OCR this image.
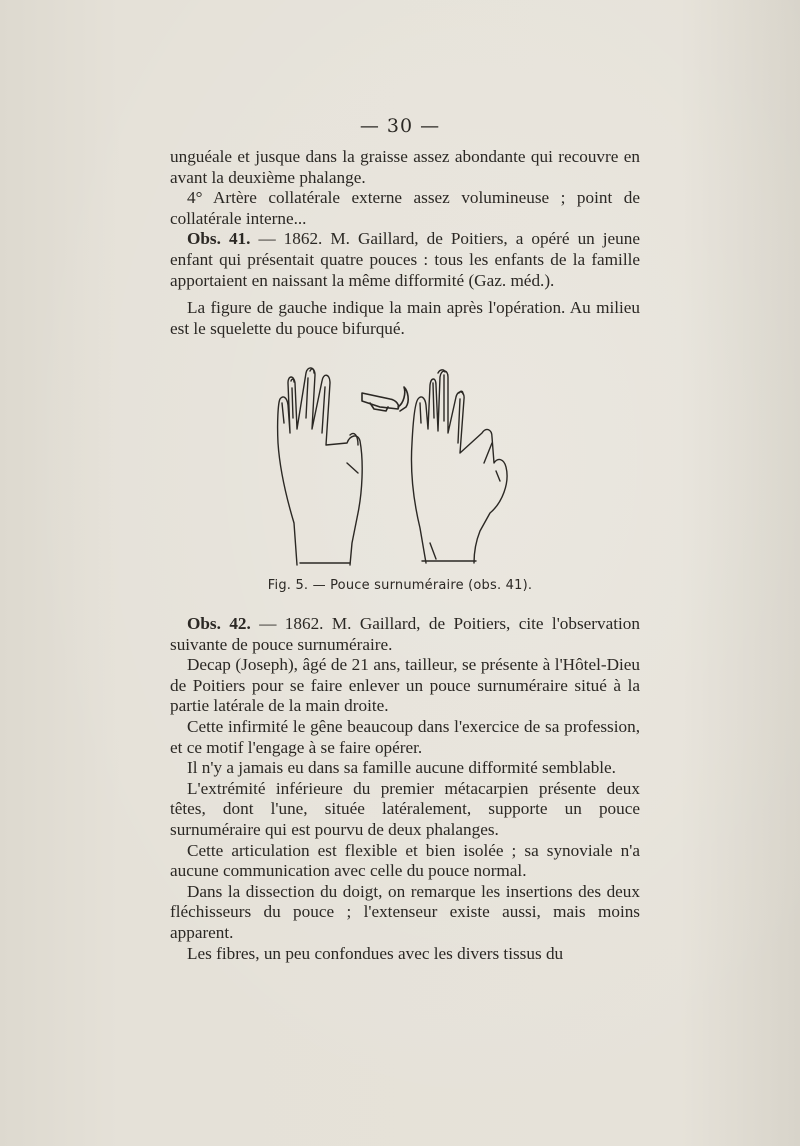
— 30 —

unguéale et jusque dans la graisse assez abondante qui recouvre en avant la deuxième phalange.

4° Artère collatérale externe assez volumineuse ; point de collatérale interne...

Obs. 41. — 1862. M. Gaillard, de Poitiers, a opéré un jeune enfant qui présentait quatre pouces : tous les enfants de la famille apportaient en naissant la même difformité (Gaz. méd.).

La figure de gauche indique la main après l'opération. Au milieu est le squelette du pouce bifurqué.

Fig. 5. — Pouce surnuméraire (obs. 41).

Obs. 42. — 1862. M. Gaillard, de Poitiers, cite l'observation suivante de pouce surnuméraire.

Decap (Joseph), âgé de 21 ans, tailleur, se présente à l'Hôtel-Dieu de Poitiers pour se faire enlever un pouce surnuméraire situé à la partie latérale de la main droite.

Cette infirmité le gêne beaucoup dans l'exercice de sa profession, et ce motif l'engage à se faire opérer.

Il n'y a jamais eu dans sa famille aucune difformité semblable.

L'extrémité inférieure du premier métacarpien présente deux têtes, dont l'une, située latéralement, supporte un pouce surnuméraire qui est pourvu de deux phalanges.

Cette articulation est flexible et bien isolée ; sa synoviale n'a aucune communication avec celle du pouce normal.

Dans la dissection du doigt, on remarque les insertions des deux fléchisseurs du pouce ; l'extenseur existe aussi, mais moins apparent.

Les fibres, un peu confondues avec les divers tissus du
